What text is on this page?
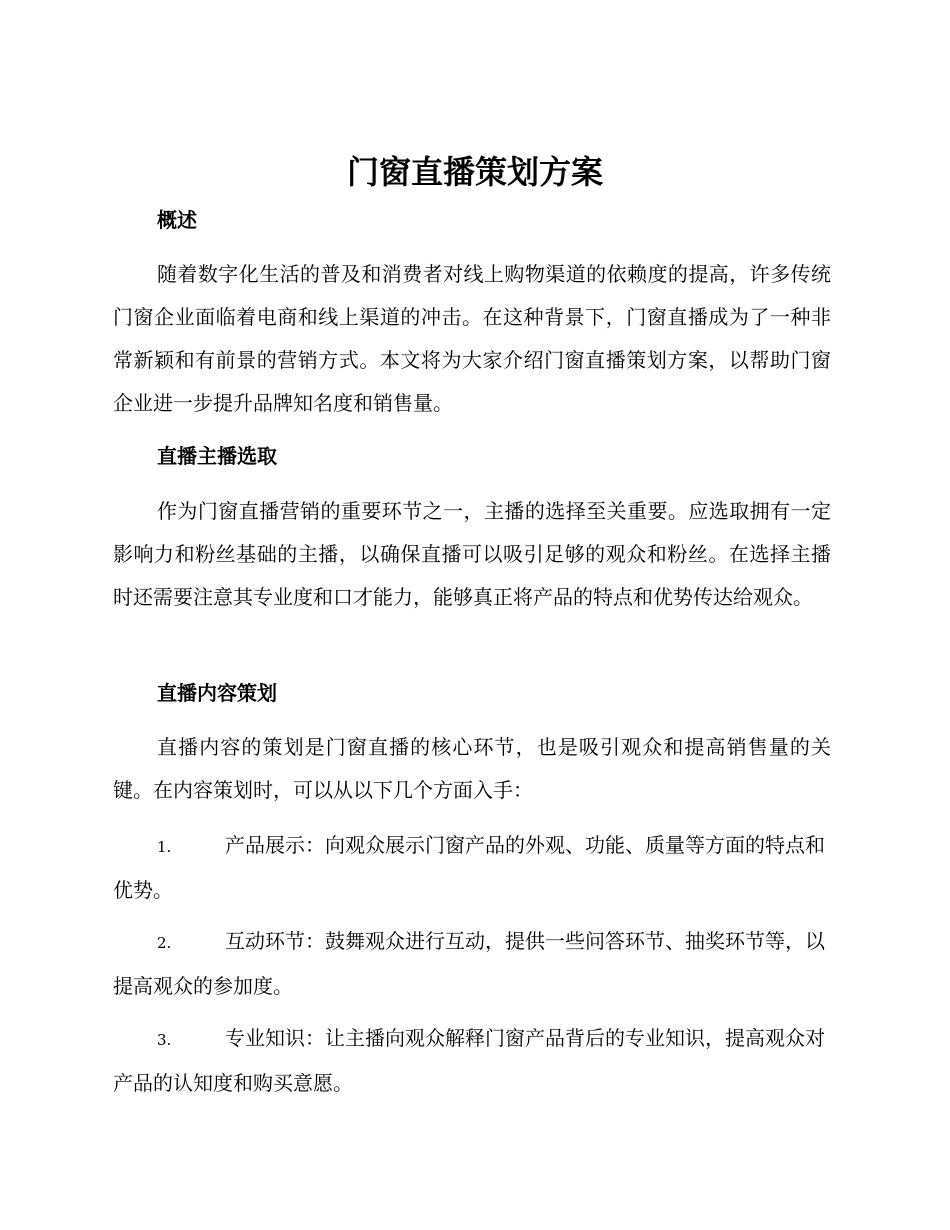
门窗直播策划方案
概述

随着数字化生活的普及和消费者对线上购物渠道的依赖度的提高，许多传统门窗企业面临着电商和线上渠道的冲击。在这种背景下，门窗直播成为了一种非常新颖和有前景的营销方式。本文将为大家介绍门窗直播策划方案，以帮助门窗企业进一步提升品牌知名度和销售量。

直播主播选取

作为门窗直播营销的重要环节之一，主播的选择至关重要。应选取拥有一定影响力和粉丝基础的主播，以确保直播可以吸引足够的观众和粉丝。在选择主播时还需要注意其专业度和口才能力，能够真正将产品的特点和优势传达给观众。

直播内容策划

直播内容的策划是门窗直播的核心环节，也是吸引观众和提高销售量的关键。在内容策划时，可以从以下几个方面入手：

1.	产品展示：向观众展示门窗产品的外观、功能、质量等方面的特点和优势。
2.	互动环节：鼓舞观众进行互动，提供一些问答环节、抽奖环节等，以提高观众的参加度。
3.	专业知识：让主播向观众解释门窗产品背后的专业知识，提高观众对产品的认知度和购买意愿。
